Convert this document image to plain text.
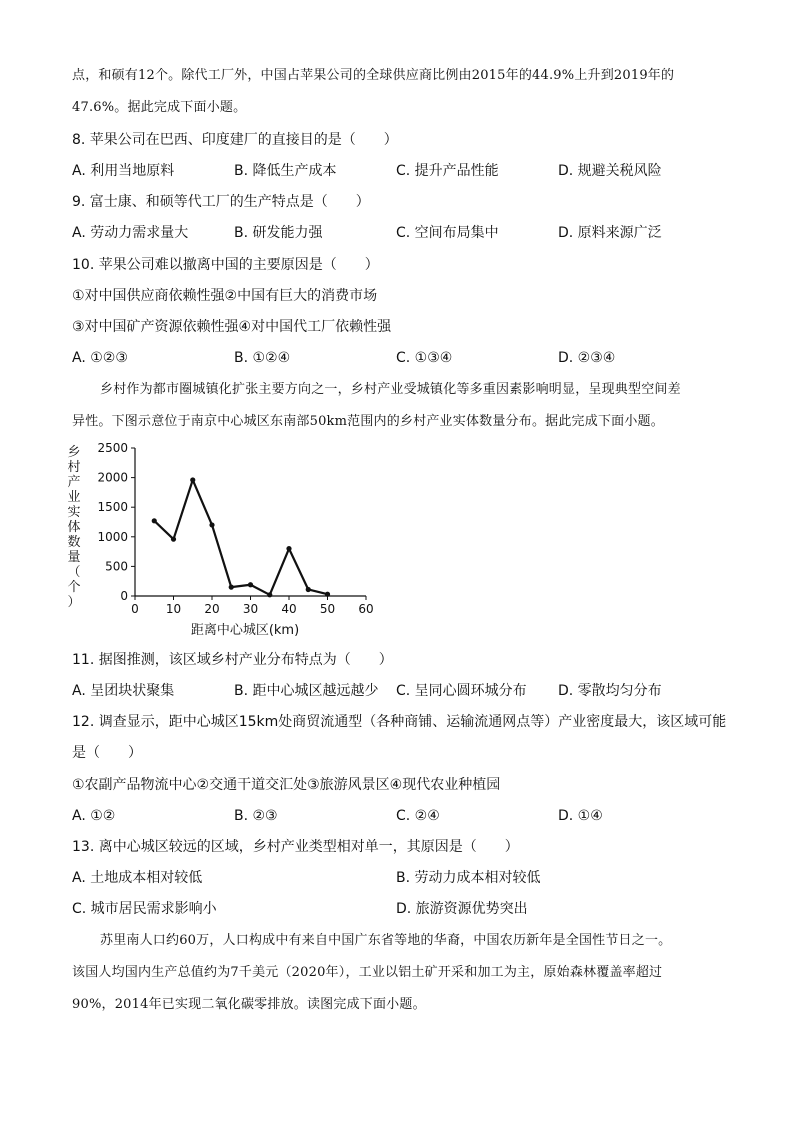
点，和硕有12个。除代工厂外，中国占苹果公司的全球供应商比例由2015年的44.9%上升到2019年的
47.6%。据此完成下面小题。
8. 苹果公司在巴西、印度建厂的直接目的是（　　）
A. 利用当地原料	B. 降低生产成本	C. 提升产品性能	D. 规避关税风险
9. 富士康、和硕等代工厂的生产特点是（　　）
A. 劳动力需求量大	B. 研发能力强	C. 空间布局集中	D. 原料来源广泛
10. 苹果公司难以撤离中国的主要原因是（　　）
①对中国供应商依赖性强②中国有巨大的消费市场
③对中国矿产资源依赖性强④对中国代工厂依赖性强
A. ①②③	B. ①②④	C. ①③④	D. ②③④
乡村作为都市圈城镇化扩张主要方向之一，乡村产业受城镇化等多重因素影响明显，呈现典型空间差
异性。下图示意位于南京中心城区东南部50km范围内的乡村产业实体数量分布。据此完成下面小题。
0 10 20 30 40 50 60
0
500
1000
1500
2000
2500
距离中心城区(km)
乡村产业实体数量（个）
11. 据图推测，该区域乡村产业分布特点为（　　）
A. 呈团块状聚集	B. 距中心城区越远越少 C. 呈同心圆环城分布 D. 零散均匀分布
12. 调查显示，距中心城区15km处商贸流通型（各种商铺、运输流通网点等）产业密度最大，该区域可能
是（　　）
①农副产品物流中心②交通干道交汇处③旅游风景区④现代农业种植园
A. ①②	B. ②③	C. ②④	D. ①④
13. 离中心城区较远的区域，乡村产业类型相对单一，其原因是（　　）
A. 土地成本相对较低	B. 劳动力成本相对较低
C. 城市居民需求影响小	D. 旅游资源优势突出
苏里南人口约60万，人口构成中有来自中国广东省等地的华裔，中国农历新年是全国性节日之一。
该国人均国内生产总值约为7千美元（2020年），工业以铝土矿开采和加工为主，原始森林覆盖率超过
90%，2014年已实现二氧化碳零排放。读图完成下面小题。
